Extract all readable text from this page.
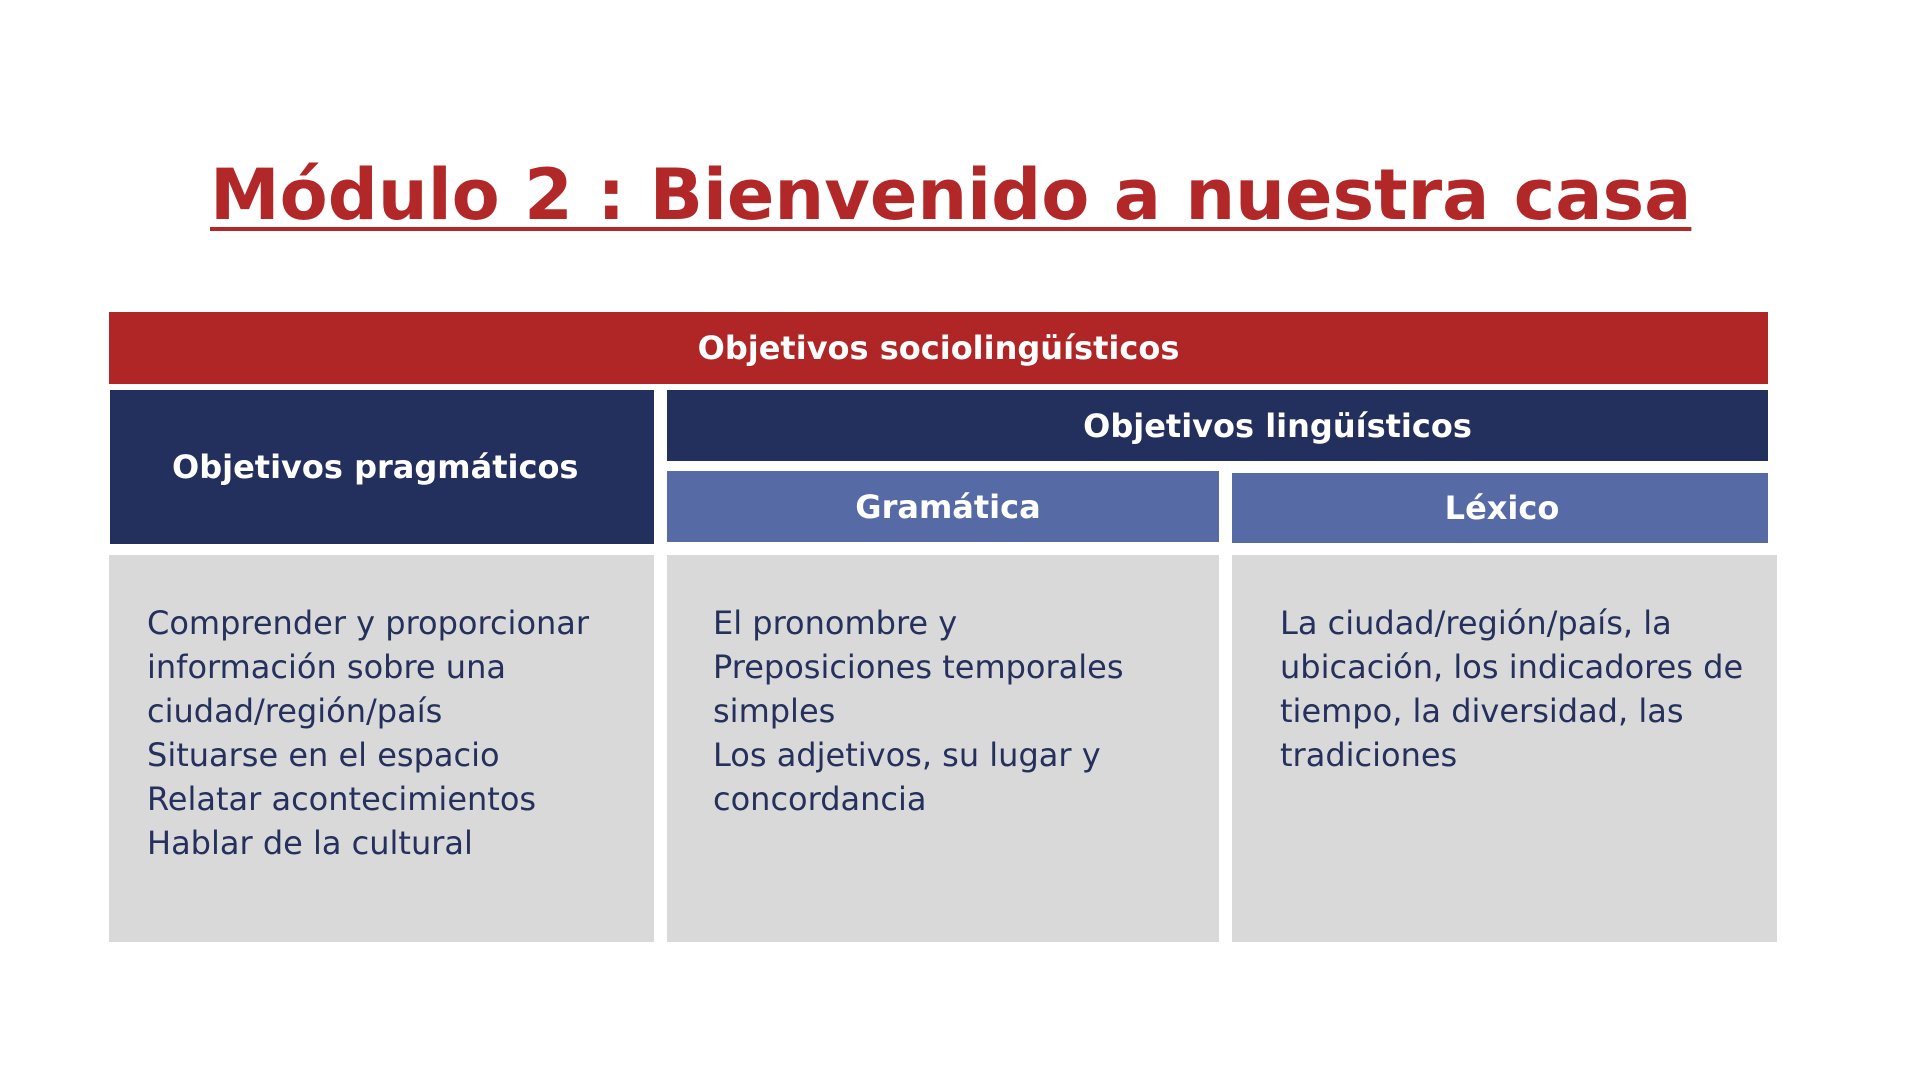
Módulo 2 : Bienvenido a nuestra casa
Objetivos sociolingüísticos
Objetivos pragmáticos
Objetivos lingüísticos
Gramática	Léxico
Comprender y proporcionar
información sobre una
ciudad/región/país
Situarse en el espacio
Relatar acontecimientos
Hablar de la cultural
El pronombre y
Preposiciones temporales
simples
Los adjetivos, su lugar y
concordancia
La ciudad/región/país, la
ubicación, los indicadores de
tiempo, la diversidad, las
tradiciones
